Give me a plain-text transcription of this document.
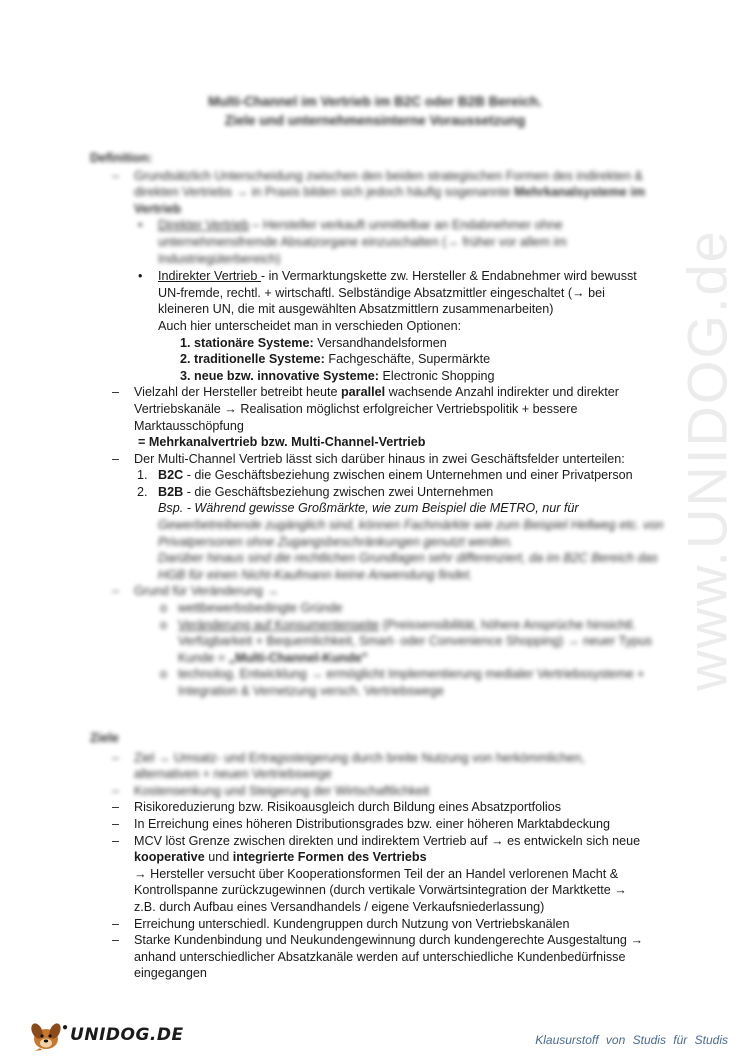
www.UNIDOG.de
Multi-Channel im Vertrieb im B2C oder B2B Bereich.
Ziele und unternehmensinterne Voraussetzung
Definition:
– Grundsätzlich Unterscheidung zwischen den beiden strategischen Formen des indirekten &
direkten Vertriebs → in Praxis bilden sich jedoch häufig sogenannte Mehrkanalsysteme im
Vertrieb
• Direkter Vertrieb – Hersteller verkauft unmittelbar an Endabnehmer ohne
unternehmensfremde Absatzorgane einzuschalten (→ früher vor allem im
Industriegüterbereich)
• Indirekter Vertrieb - in Vermarktungskette zw. Hersteller & Endabnehmer wird bewusst
UN-fremde, rechtl. + wirtschaftl. Selbständige Absatzmittler eingeschaltet (→ bei
kleineren UN, die mit ausgewählten Absatzmittlern zusammenarbeiten)
Auch hier unterscheidet man in verschieden Optionen:
1. stationäre Systeme: Versandhandelsformen
2. traditionelle Systeme: Fachgeschäfte, Supermärkte
3. neue bzw. innovative Systeme: Electronic Shopping
– Vielzahl der Hersteller betreibt heute parallel wachsende Anzahl indirekter und direkter
Vertriebskanäle → Realisation möglichst erfolgreicher Vertriebspolitik + bessere
Marktausschöpfung
= Mehrkanalvertrieb bzw. Multi-Channel-Vertrieb
– Der Multi-Channel Vertrieb lässt sich darüber hinaus in zwei Geschäftsfelder unterteilen:
1. B2C - die Geschäftsbeziehung zwischen einem Unternehmen und einer Privatperson
2. B2B - die Geschäftsbeziehung zwischen zwei Unternehmen
Bsp. - Während gewisse Großmärkte, wie zum Beispiel die METRO, nur für
Gewerbetreibende zugänglich sind, können Fachmärkte wie zum Beispiel Hellweg etc. von
Privatpersonen ohne Zugangsbeschränkungen genutzt werden.
Darüber hinaus sind die rechtlichen Grundlagen sehr differenziert, da im B2C Bereich das
HGB für einen Nicht-Kaufmann keine Anwendung findet.
– Grund für Veränderung →
o wettbewerbsbedingte Gründe
o Veränderung auf Konsumentenseite (Preissensibilität, höhere Ansprüche hinsichtl.
Verfügbarkeit + Bequemlichkeit, Smart- oder Convenience Shopping) → neuer Typus
Kunde = „Multi-Channel-Kunde"
o technolog. Entwicklung → ermöglicht Implementierung medialer Vertriebssysteme +
Integration & Vernetzung versch. Vertriebswege
Ziele
– Ziel → Umsatz- und Ertragssteigerung durch breite Nutzung von herkömmlichen,
alternativen + neuen Vertriebswege
– Kostensenkung und Steigerung der Wirtschaftlichkeit
– Risikoreduzierung bzw. Risikoausgleich durch Bildung eines Absatzportfolios
– In Erreichung eines höheren Distributionsgrades bzw. einer höheren Marktabdeckung
– MCV löst Grenze zwischen direkten und indirektem Vertrieb auf → es entwickeln sich neue
kooperative und integrierte Formen des Vertriebs
→ Hersteller versucht über Kooperationsformen Teil der an Handel verlorenen Macht &
Kontrollspanne zurückzugewinnen (durch vertikale Vorwärtsintegration der Marktkette →
z.B. durch Aufbau eines Versandhandels / eigene Verkaufsniederlassung)
– Erreichung unterschiedl. Kundengruppen durch Nutzung von Vertriebskanälen
– Starke Kundenbindung und Neukundengewinnung durch kundengerechte Ausgestaltung →
anhand unterschiedlicher Absatzkanäle werden auf unterschiedliche Kundenbedürfnisse
eingegangen
● UNIDOG.DE	Klausurstoff von Studis für Studis
